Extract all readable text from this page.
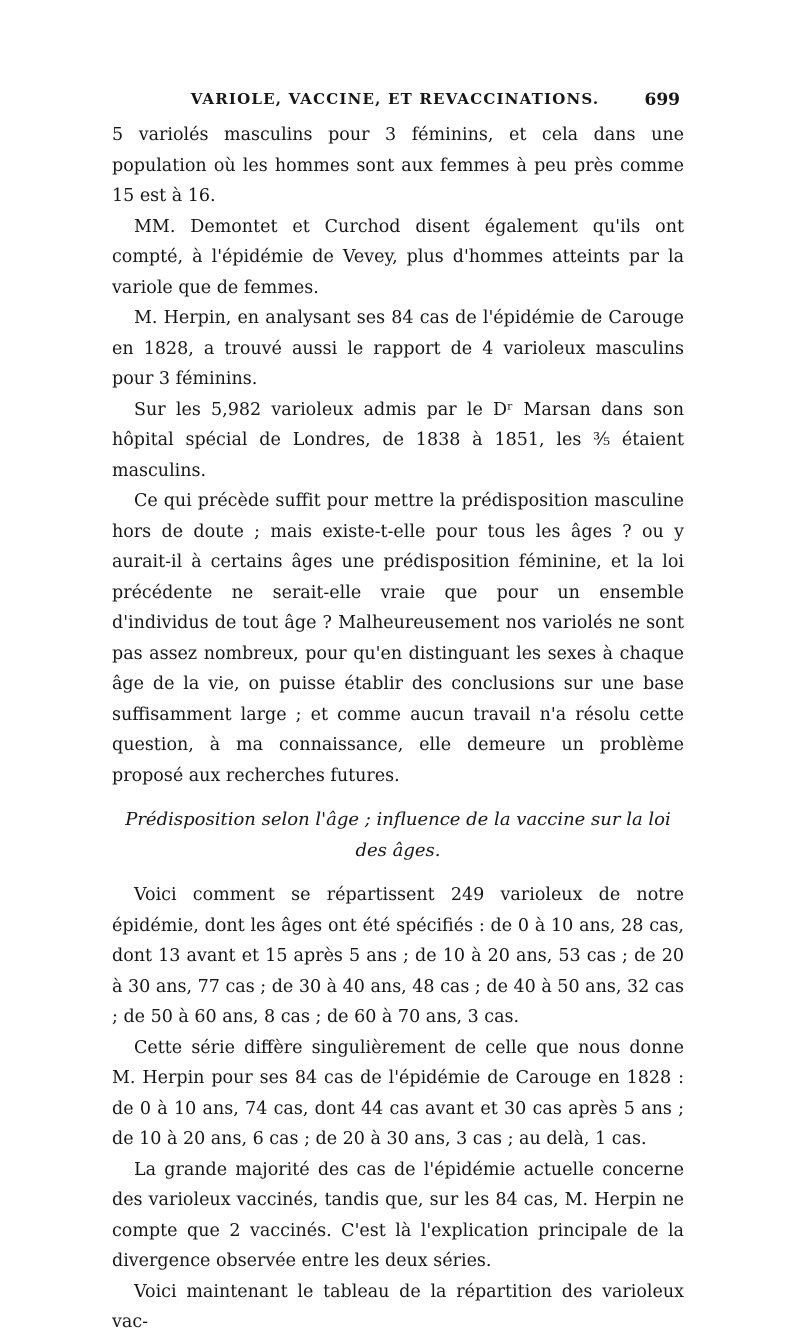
VARIOLE, VACCINE, ET REVACCINATIONS.	699

5 variolés masculins pour 3 féminins, et cela dans une population où les hommes sont aux femmes à peu près comme 15 est à 16.

MM. Demontet et Curchod disent également qu'ils ont compté, à l'épidémie de Vevey, plus d'hommes atteints par la variole que de femmes.

M. Herpin, en analysant ses 84 cas de l'épidémie de Carouge en 1828, a trouvé aussi le rapport de 4 varioleux masculins pour 3 féminins.

Sur les 5,982 varioleux admis par le Dʳ Marsan dans son hôpital spécial de Londres, de 1838 à 1851, les ³⁄₅ étaient masculins.

Ce qui précède suffit pour mettre la prédisposition masculine hors de doute ; mais existe-t-elle pour tous les âges ? ou y aurait-il à certains âges une prédisposition féminine, et la loi précédente ne serait-elle vraie que pour un ensemble d'individus de tout âge ? Malheureusement nos variolés ne sont pas assez nombreux, pour qu'en distinguant les sexes à chaque âge de la vie, on puisse établir des conclusions sur une base suffisamment large ; et comme aucun travail n'a résolu cette question, à ma connaissance, elle demeure un problème proposé aux recherches futures.

Prédisposition selon l'âge ; influence de la vaccine sur la loi des âges.

Voici comment se répartissent 249 varioleux de notre épidémie, dont les âges ont été spécifiés : de 0 à 10 ans, 28 cas, dont 13 avant et 15 après 5 ans ; de 10 à 20 ans, 53 cas ; de 20 à 30 ans, 77 cas ; de 30 à 40 ans, 48 cas ; de 40 à 50 ans, 32 cas ; de 50 à 60 ans, 8 cas ; de 60 à 70 ans, 3 cas.

Cette série diffère singulièrement de celle que nous donne M. Herpin pour ses 84 cas de l'épidémie de Carouge en 1828 : de 0 à 10 ans, 74 cas, dont 44 cas avant et 30 cas après 5 ans ; de 10 à 20 ans, 6 cas ; de 20 à 30 ans, 3 cas ; au delà, 1 cas.

La grande majorité des cas de l'épidémie actuelle concerne des varioleux vaccinés, tandis que, sur les 84 cas, M. Herpin ne compte que 2 vaccinés. C'est là l'explication principale de la divergence observée entre les deux séries.

Voici maintenant le tableau de la répartition des varioleux vac-
